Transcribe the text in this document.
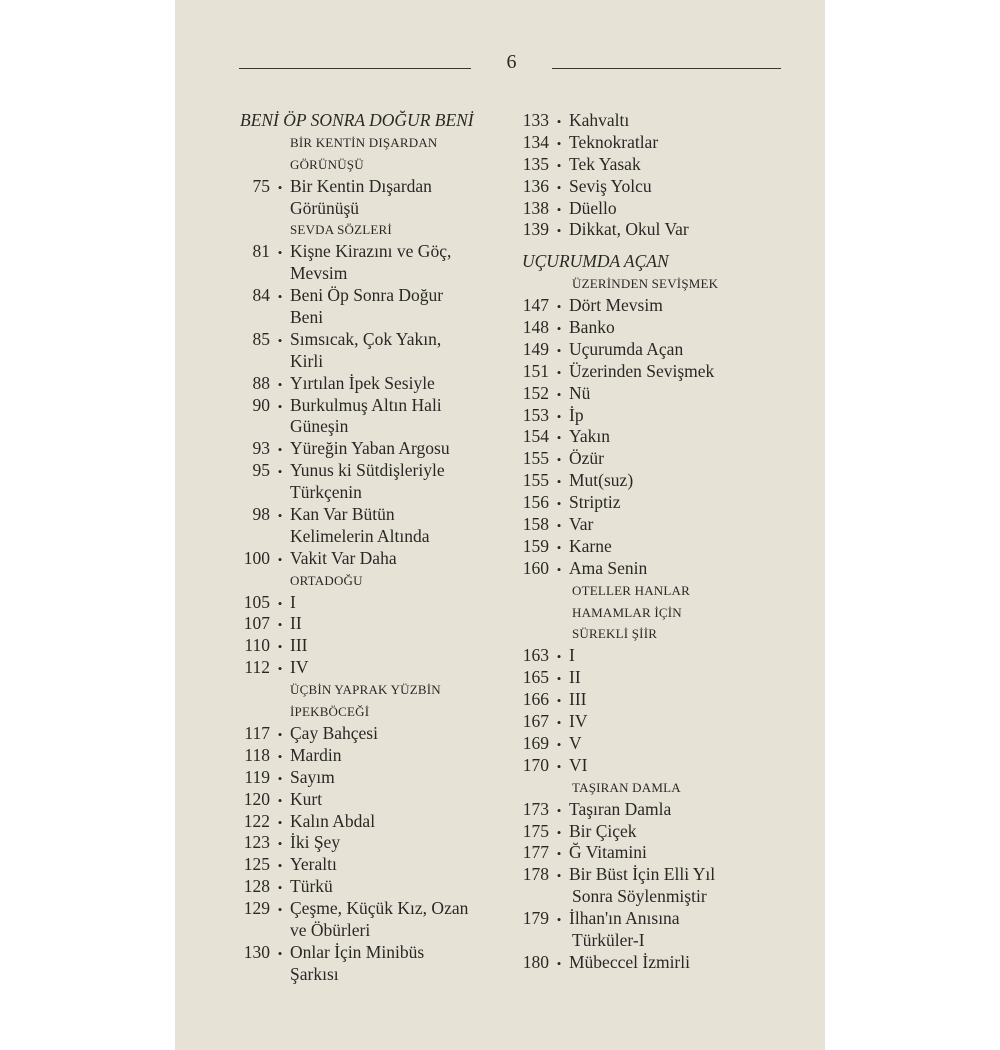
6
BENİ ÖP SONRA DOĞUR BENİ
BİR KENTİN DIŞARDAN
GÖRÜNÜŞÜ
75 • Bir Kentin Dışardan
Görünüşü
SEVDA SÖZLERİ
81 • Kişne Kirazını ve Göç,
Mevsim
84 • Beni Öp Sonra Doğur
Beni
85 • Sımsıcak, Çok Yakın,
Kirli
88 • Yırtılan İpek Sesiyle
90 • Burkulmuş Altın Hali
Güneşin
93 • Yüreğin Yaban Argosu
95 • Yunus ki Sütdişleriyle
Türkçenin
98 • Kan Var Bütün
Kelimelerin Altında
100 • Vakit Var Daha
ORTADOĞU
105 • I
107 • II
110 • III
112 • IV
ÜÇBİN YAPRAK YÜZBİN
İPEKBÖCEĞİ
117 • Çay Bahçesi
118 • Mardin
119 • Sayım
120 • Kurt
122 • Kalın Abdal
123 • İki Şey
125 • Yeraltı
128 • Türkü
129 • Çeşme, Küçük Kız, Ozan
ve Öbürleri
130 • Onlar İçin Minibüs
Şarkısı
133 • Kahvaltı
134 • Teknokratlar
135 • Tek Yasak
136 • Seviş Yolcu
138 • Düello
139 • Dikkat, Okul Var
UÇURUMDA AÇAN
ÜZERİNDEN SEVİŞMEK
147 • Dört Mevsim
148 • Banko
149 • Uçurumda Açan
151 • Üzerinden Sevişmek
152 • Nü
153 • İp
154 • Yakın
155 • Özür
155 • Mut(suz)
156 • Striptiz
158 • Var
159 • Karne
160 • Ama Senin
OTELLER HANLAR
HAMAMLAR İÇİN
SÜREKLİ ŞİİR
163 • I
165 • II
166 • III
167 • IV
169 • V
170 • VI
TAŞIRAN DAMLA
173 • Taşıran Damla
175 • Bir Çiçek
177 • Ğ Vitamini
178 • Bir Büst İçin Elli Yıl
Sonra Söylenmiştir
179 • İlhan'ın Anısına
Türküler-I
180 • Mübeccel İzmirli
